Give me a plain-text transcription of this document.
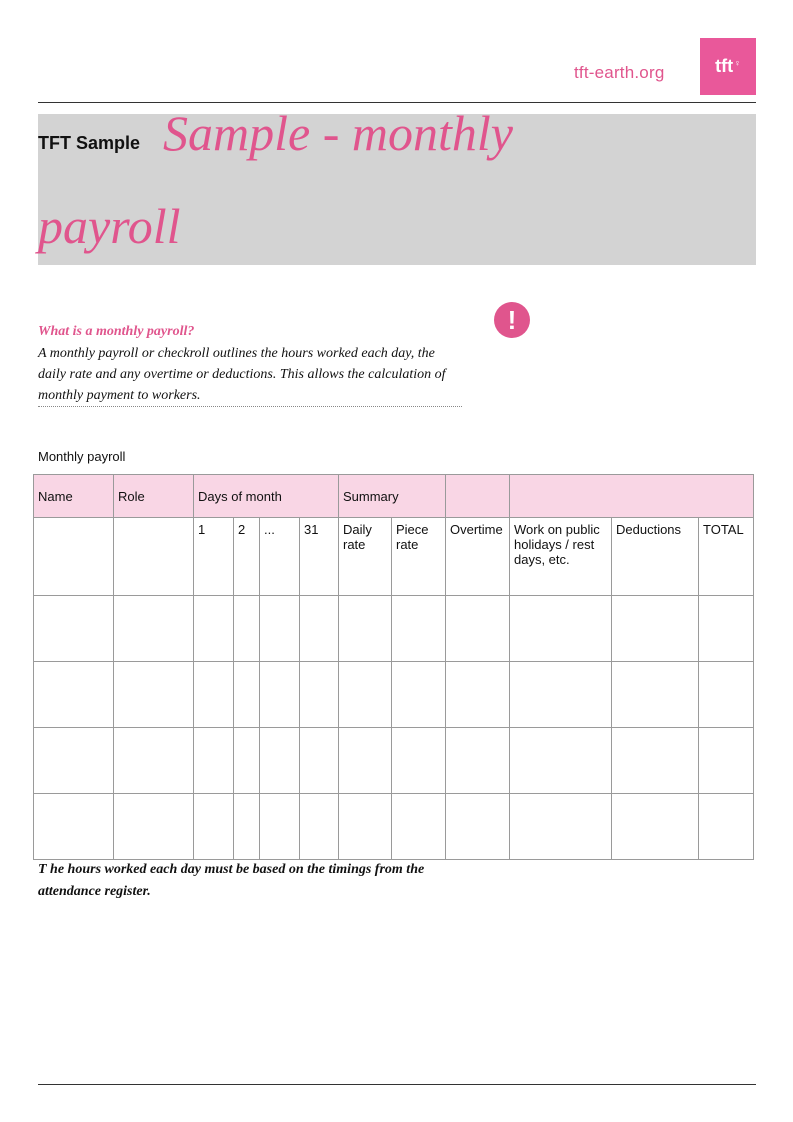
tft-earth.org	tft♀
TFT Sample Sample - monthly
payroll
!
What is a monthly payroll?
A monthly payroll or checkroll outlines the hours worked each day, the daily rate and any overtime or deductions. This allows the calculation of monthly payment to workers.
Monthly payroll
Name	Role	Days of month				Summary					
		1	2	...	31	Daily rate	Piece rate	Overtime	Work on public holidays / rest days, etc.	Deductions	TOTAL

T he hours worked each day must be based on the timings from the attendance register.
